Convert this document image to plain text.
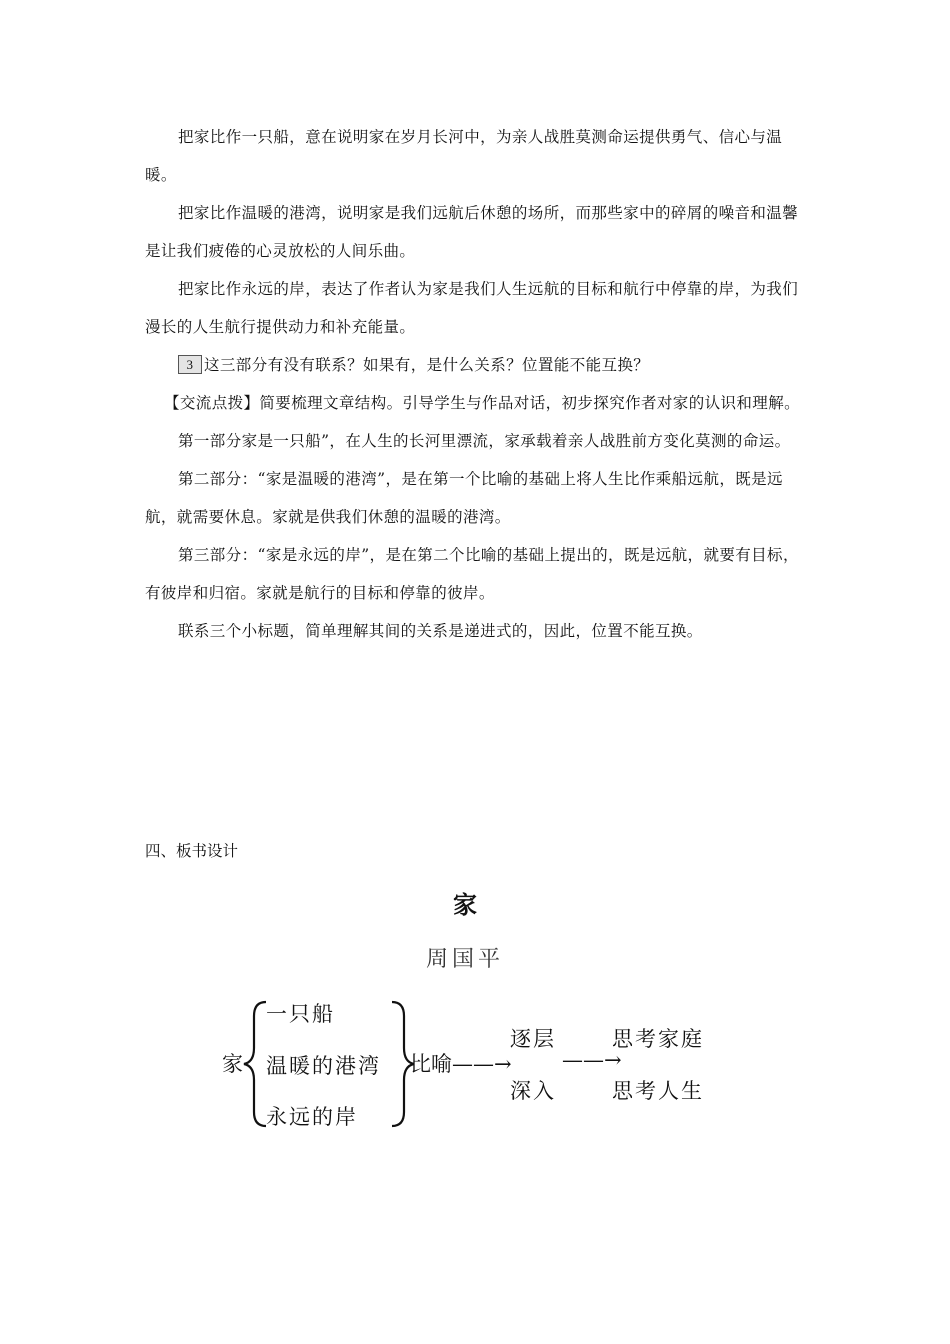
把家比作一只船，意在说明家在岁月长河中，为亲人战胜莫测命运提供勇气、信心与温暖。

把家比作温暖的港湾，说明家是我们远航后休憩的场所，而那些家中的碎屑的噪音和温馨是让我们疲倦的心灵放松的人间乐曲。

把家比作永远的岸，表达了作者认为家是我们人生远航的目标和航行中停靠的岸，为我们漫长的人生航行提供动力和补充能量。

3 这三部分有没有联系？如果有，是什么关系？位置能不能互换？

【交流点拨】简要梳理文章结构。引导学生与作品对话，初步探究作者对家的认识和理解。

第一部分家是一只船”，在人生的长河里漂流，家承载着亲人战胜前方变化莫测的命运。

第二部分：“家是温暖的港湾”，是在第一个比喻的基础上将人生比作乘船远航，既是远航，就需要休息。家就是供我们休憩的温暖的港湾。

第三部分：“家是永远的岸”，是在第二个比喻的基础上提出的，既是远航，就要有目标，有彼岸和归宿。家就是航行的目标和停靠的彼岸。

联系三个小标题，简单理解其间的关系是递进式的，因此，位置不能互换。

四、板书设计

家

周国平

家

一只船

温暖的港湾

永远的岸

比喻——→

逐层

深入

——→

思考家庭

思考人生
